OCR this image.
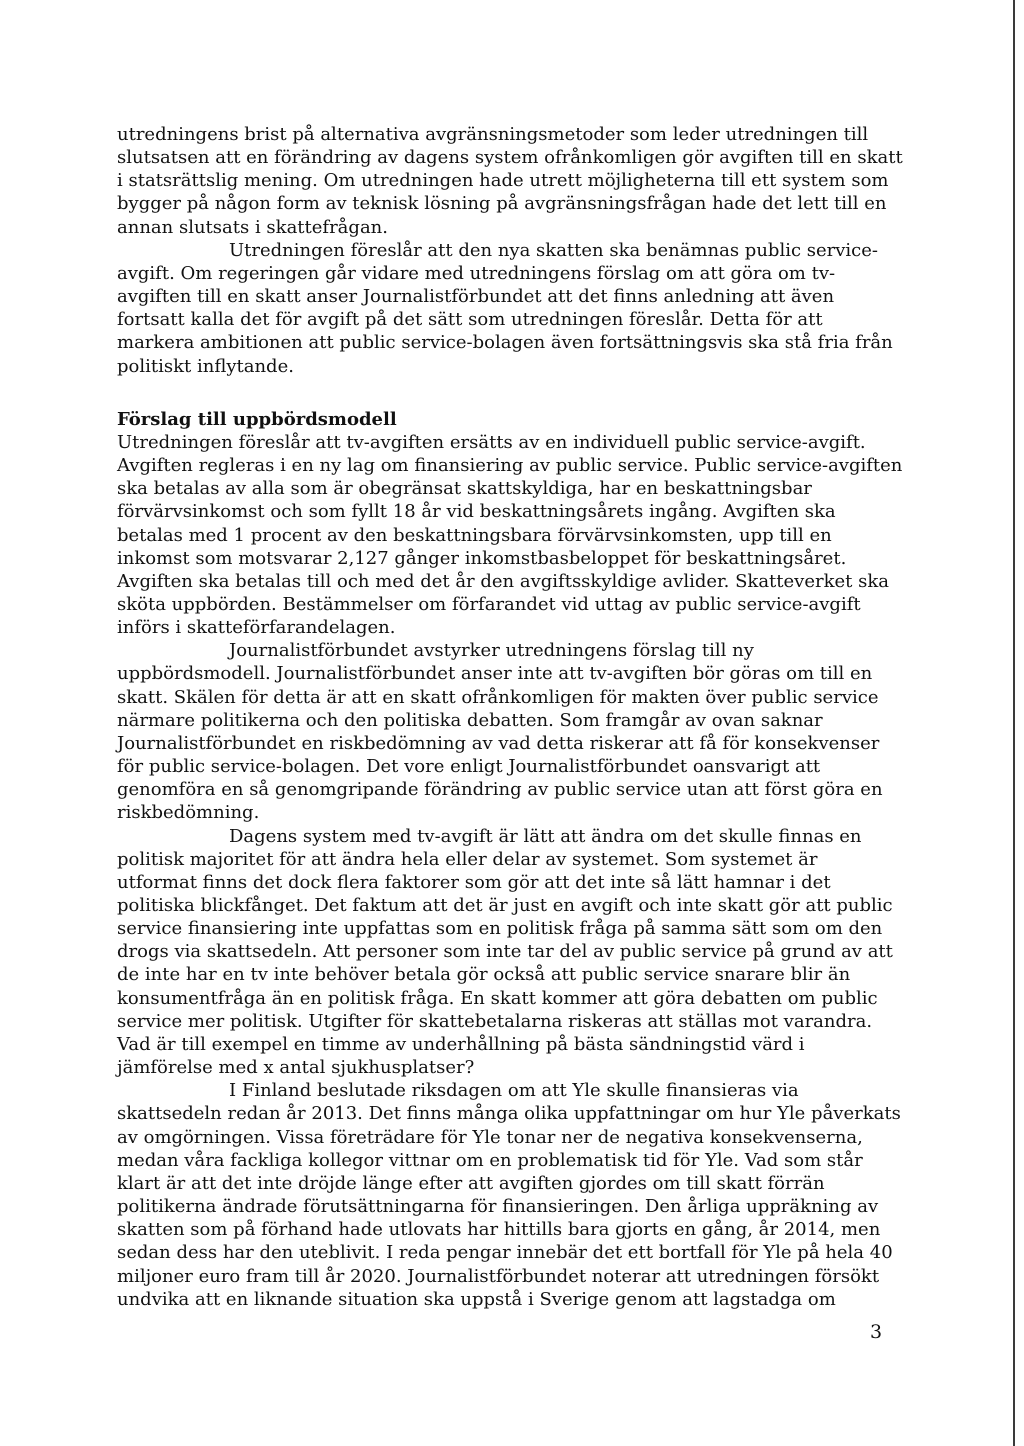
utredningens brist på alternativa avgränsningsmetoder som leder utredningen till slutsatsen att en förändring av dagens system ofrånkomligen gör avgiften till en skatt i statsrättslig mening. Om utredningen hade utrett möjligheterna till ett system som bygger på någon form av teknisk lösning på avgränsningsfrågan hade det lett till en annan slutsats i skattefrågan.

Utredningen föreslår att den nya skatten ska benämnas public service-avgift. Om regeringen går vidare med utredningens förslag om att göra om tv-avgiften till en skatt anser Journalistförbundet att det finns anledning att även fortsatt kalla det för avgift på det sätt som utredningen föreslår. Detta för att markera ambitionen att public service-bolagen även fortsättningsvis ska stå fria från politiskt inflytande.

Förslag till uppbördsmodell

Utredningen föreslår att tv-avgiften ersätts av en individuell public service-avgift. Avgiften regleras i en ny lag om finansiering av public service. Public service-avgiften ska betalas av alla som är obegränsat skattskyldiga, har en beskattningsbar förvärvsinkomst och som fyllt 18 år vid beskattningsårets ingång. Avgiften ska betalas med 1 procent av den beskattningsbara förvärvsinkomsten, upp till en inkomst som motsvarar 2,127 gånger inkomstbasbeloppet för beskattningsåret. Avgiften ska betalas till och med det år den avgiftsskyldige avlider. Skatteverket ska sköta uppbörden. Bestämmelser om förfarandet vid uttag av public service-avgift införs i skatteförfarandelagen.

Journalistförbundet avstyrker utredningens förslag till ny uppbördsmodell. Journalistförbundet anser inte att tv-avgiften bör göras om till en skatt. Skälen för detta är att en skatt ofrånkomligen för makten över public service närmare politikerna och den politiska debatten. Som framgår av ovan saknar Journalistförbundet en riskbedömning av vad detta riskerar att få för konsekvenser för public service-bolagen. Det vore enligt Journalistförbundet oansvarigt att genomföra en så genomgripande förändring av public service utan att först göra en riskbedömning.

Dagens system med tv-avgift är lätt att ändra om det skulle finnas en politisk majoritet för att ändra hela eller delar av systemet. Som systemet är utformat finns det dock flera faktorer som gör att det inte så lätt hamnar i det politiska blickfånget. Det faktum att det är just en avgift och inte skatt gör att public service finansiering inte uppfattas som en politisk fråga på samma sätt som om den drogs via skattsedeln. Att personer som inte tar del av public service på grund av att de inte har en tv inte behöver betala gör också att public service snarare blir än konsumentfråga än en politisk fråga. En skatt kommer att göra debatten om public service mer politisk. Utgifter för skattebetalarna riskeras att ställas mot varandra. Vad är till exempel en timme av underhållning på bästa sändningstid värd i jämförelse med x antal sjukhusplatser?

I Finland beslutade riksdagen om att Yle skulle finansieras via skattsedeln redan år 2013. Det finns många olika uppfattningar om hur Yle påverkats av omgörningen. Vissa företrädare för Yle tonar ner de negativa konsekvenserna, medan våra fackliga kollegor vittnar om en problematisk tid för Yle. Vad som står klart är att det inte dröjde länge efter att avgiften gjordes om till skatt förrän politikerna ändrade förutsättningarna för finansieringen. Den årliga uppräkning av skatten som på förhand hade utlovats har hittills bara gjorts en gång, år 2014, men sedan dess har den uteblivit. I reda pengar innebär det ett bortfall för Yle på hela 40 miljoner euro fram till år 2020. Journalistförbundet noterar att utredningen försökt undvika att en liknande situation ska uppstå i Sverige genom att lagstadga om

3
